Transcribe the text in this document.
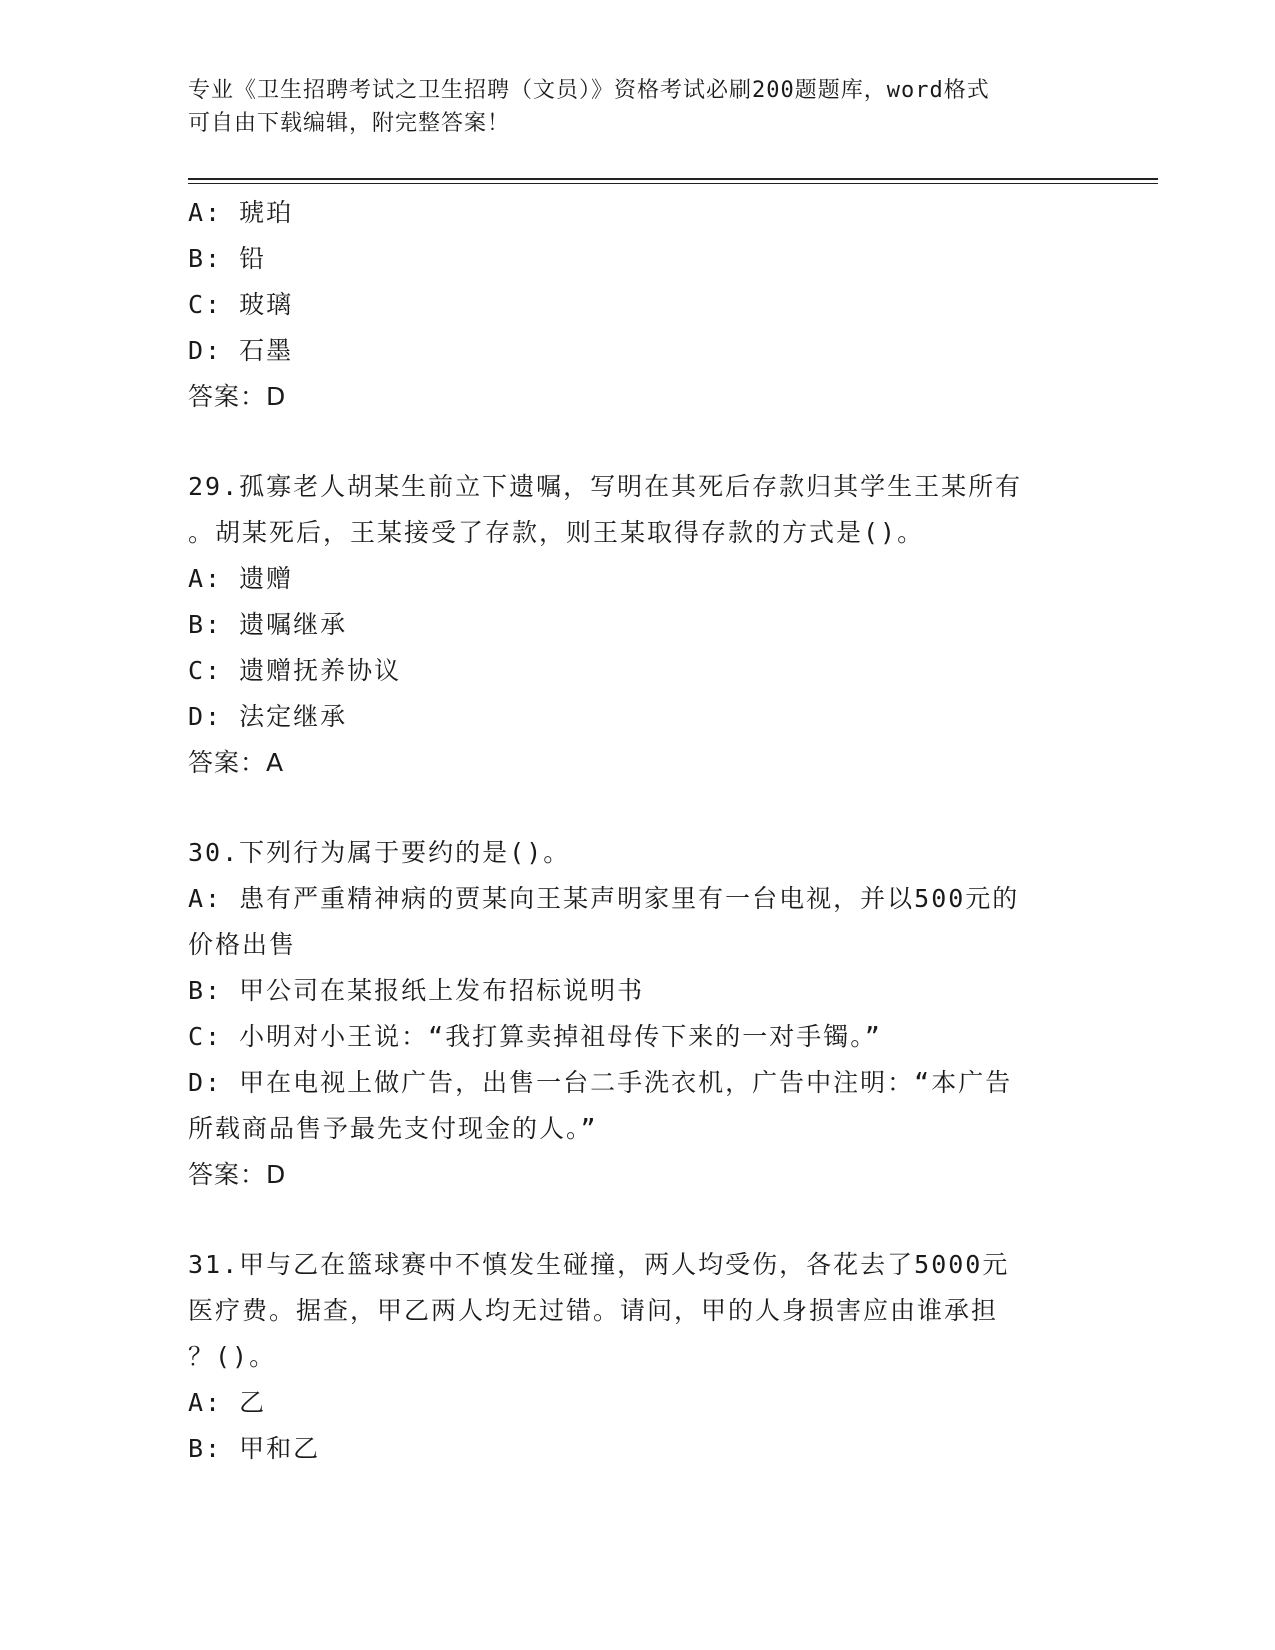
专业《卫生招聘考试之卫生招聘（文员）》资格考试必刷200题题库，word格式
可自由下载编辑，附完整答案！
A: 琥珀
B: 铅
C: 玻璃
D: 石墨
答案：D
29.孤寡老人胡某生前立下遗嘱，写明在其死后存款归其学生王某所有
。胡某死后，王某接受了存款，则王某取得存款的方式是()。
A: 遗赠
B: 遗嘱继承
C: 遗赠抚养协议
D: 法定继承
答案：A
30.下列行为属于要约的是()。
A: 患有严重精神病的贾某向王某声明家里有一台电视，并以500元的
价格出售
B: 甲公司在某报纸上发布招标说明书
C: 小明对小王说：“我打算卖掉祖母传下来的一对手镯。”
D: 甲在电视上做广告，出售一台二手洗衣机，广告中注明：“本广告
所载商品售予最先支付现金的人。”
答案：D
31.甲与乙在篮球赛中不慎发生碰撞，两人均受伤，各花去了5000元
医疗费。据查，甲乙两人均无过错。请问，甲的人身损害应由谁承担
？()。
A: 乙
B: 甲和乙
